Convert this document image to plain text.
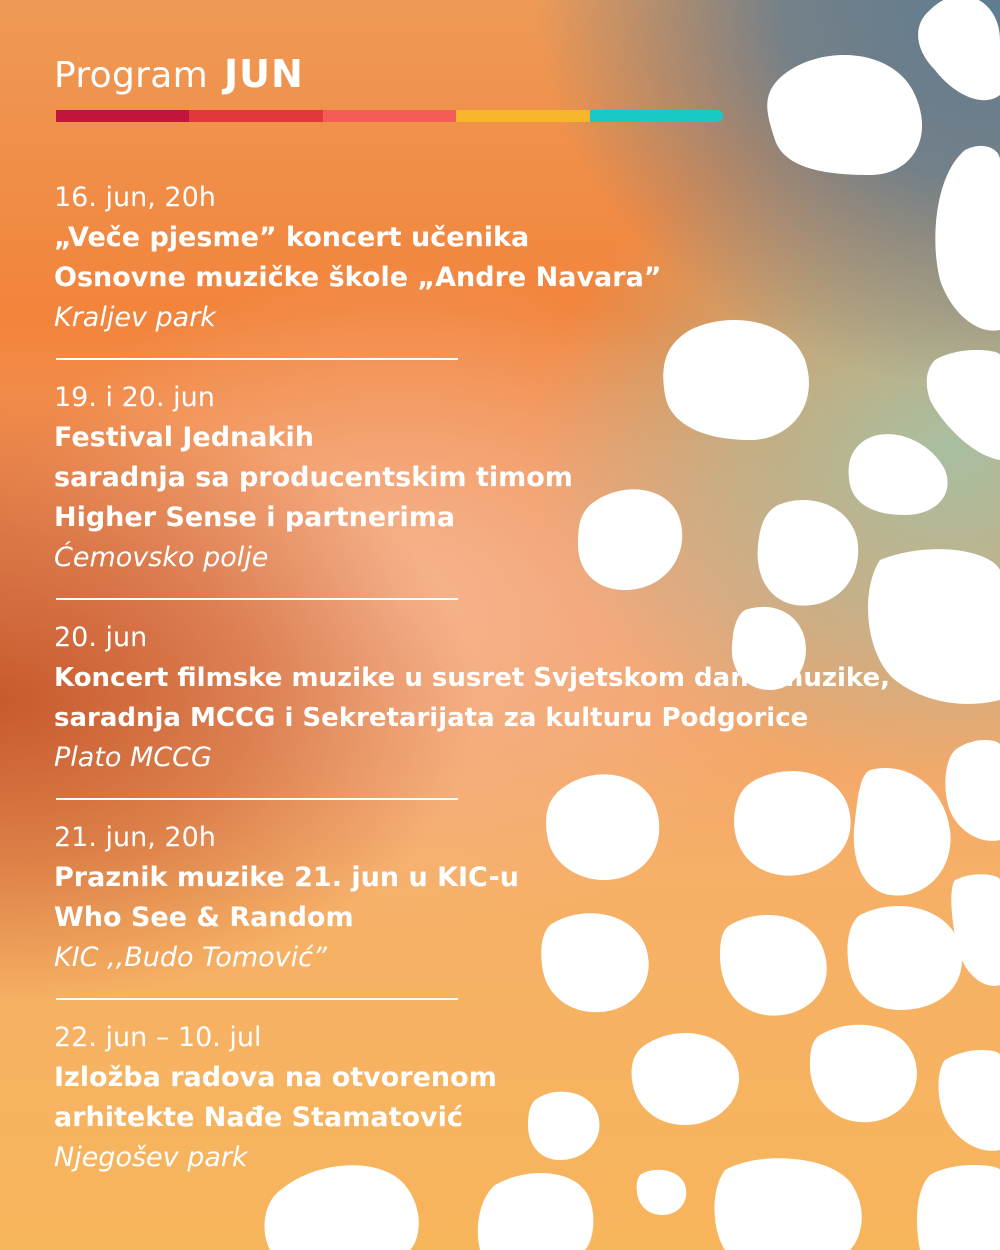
Program JUN
16. jun, 20h
„Veče pjesme” koncert učenika
Osnovne muzičke škole „Andre Navara”
Kraljev park
19. i 20. jun
Festival Jednakih
saradnja sa producentskim timom
Higher Sense i partnerima
Ćemovsko polje
20. jun
Koncert filmske muzike u susret Svjetskom danu muzike,
saradnja MCCG i Sekretarijata za kulturu Podgorice
Plato MCCG
21. jun, 20h
Praznik muzike 21. jun u KIC-u
Who See & Random
KIC ,,Budo Tomović”
22. jun – 10. jul
Izložba radova na otvorenom
arhitekte Nađe Stamatović
Njegošev park
